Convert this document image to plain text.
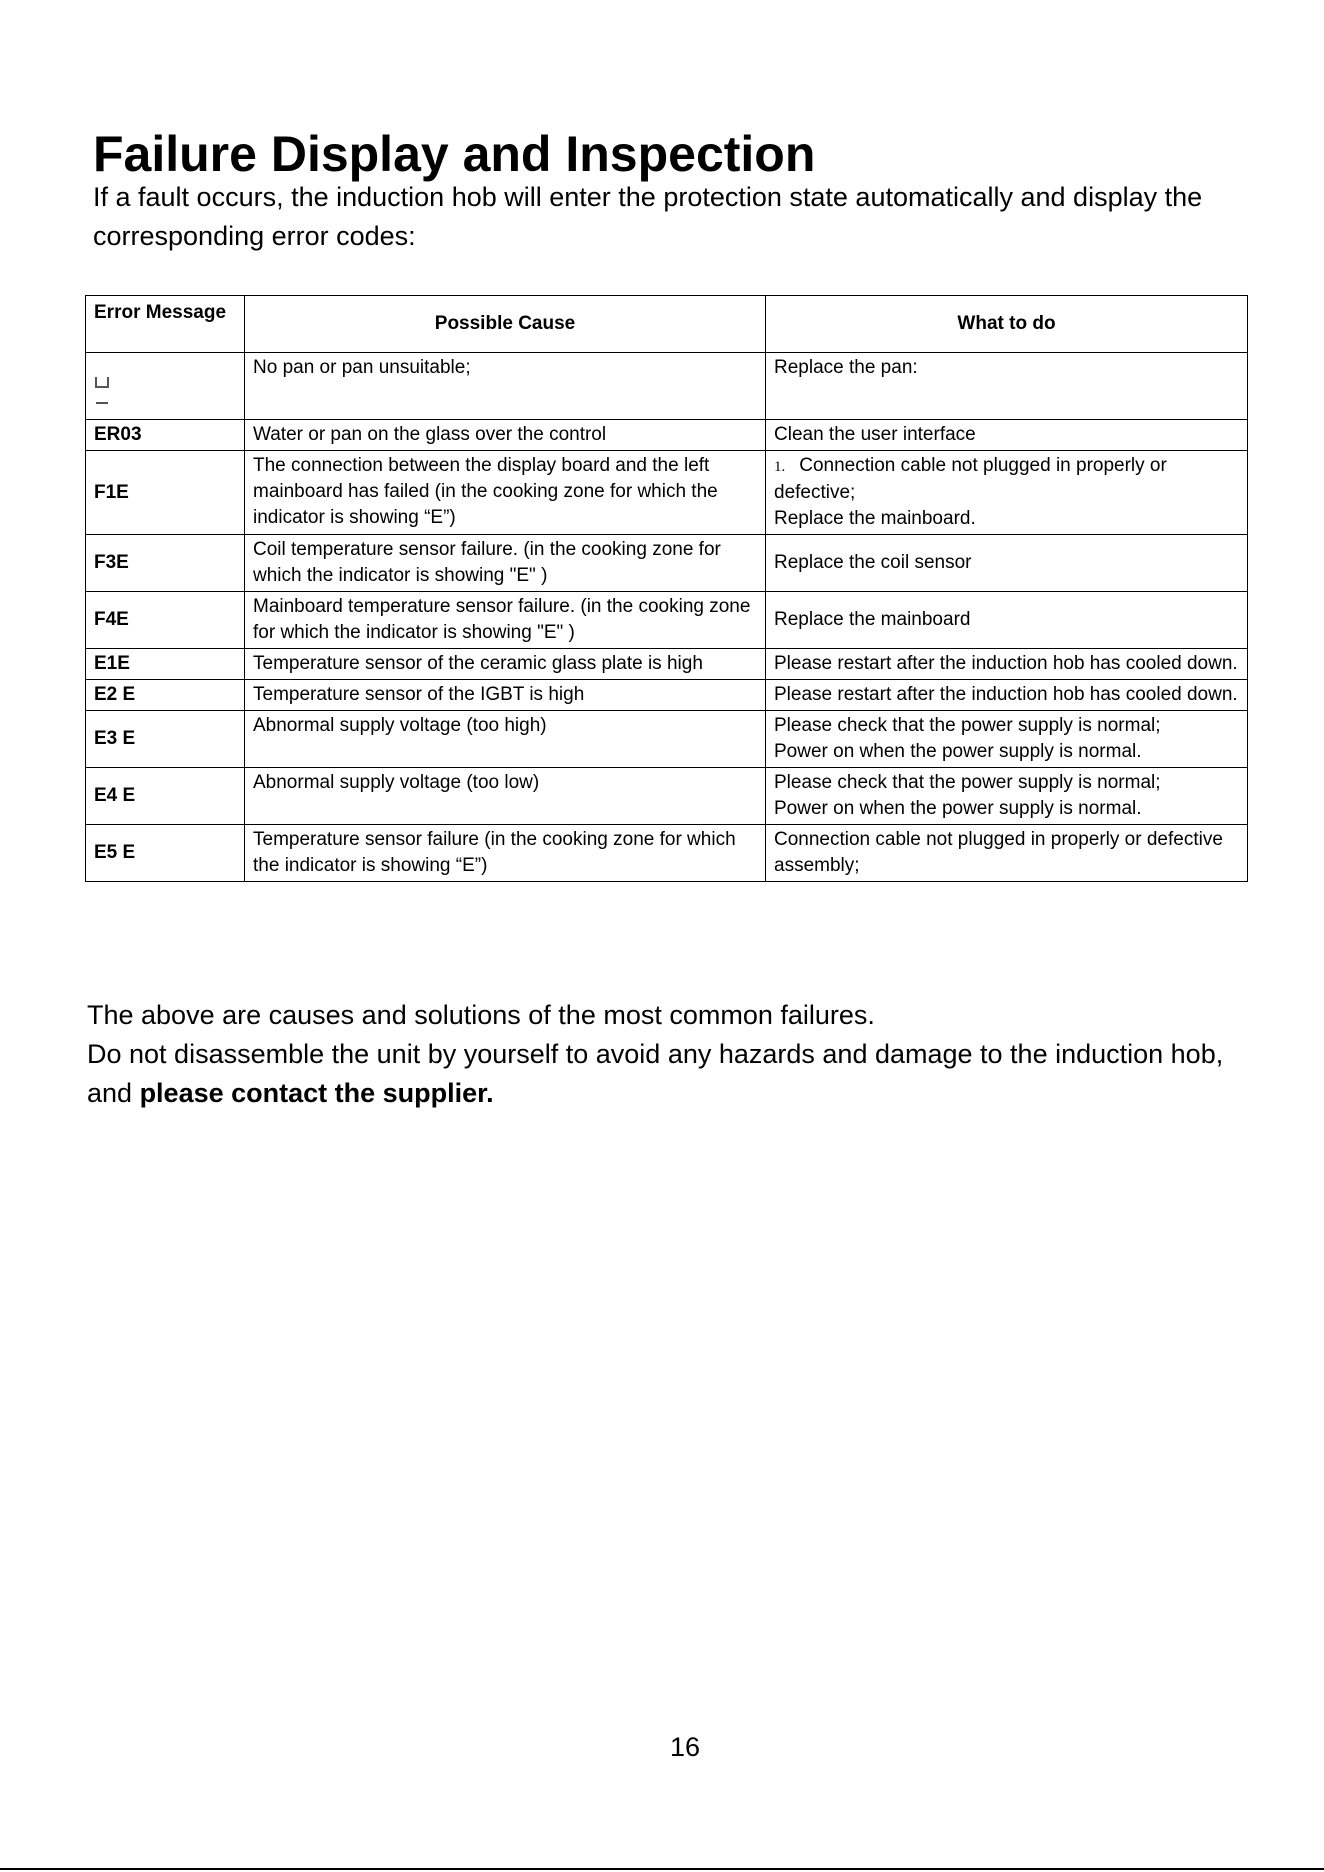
Failure Display and Inspection

If a fault occurs, the induction hob will enter the protection state automatically and display the corresponding error codes:

Error Message	Possible Cause	What to do

	No pan or pan unsuitable;	Replace the pan:
ER03	Water or pan on the glass over the control	Clean the user interface
F1E	The connection between the display board and the left mainboard has failed (in the cooking zone for which the indicator is showing “E”)	1. Connection cable not plugged in properly or defective;
Replace the mainboard.
F3E	Coil temperature sensor failure. (in the cooking zone for which the indicator is showing "E" )	Replace the coil sensor
F4E	Mainboard temperature sensor failure. (in the cooking zone for which the indicator is showing "E" )	Replace the mainboard
E1E	Temperature sensor of the ceramic glass plate is high	Please restart after the induction hob has cooled down.
E2 E	Temperature sensor of the IGBT is high	Please restart after the induction hob has cooled down.
E3 E	Abnormal supply voltage (too high)	Please check that the power supply is normal;
Power on when the power supply is normal.
E4 E	Abnormal supply voltage (too low)	Please check that the power supply is normal;
Power on when the power supply is normal.
E5 E	Temperature sensor failure (in the cooking zone for which the indicator is showing “E”)	Connection cable not plugged in properly or defective assembly;

The above are causes and solutions of the most common failures.

Do not disassemble the unit by yourself to avoid any hazards and damage to the induction hob, and please contact the supplier.

16
